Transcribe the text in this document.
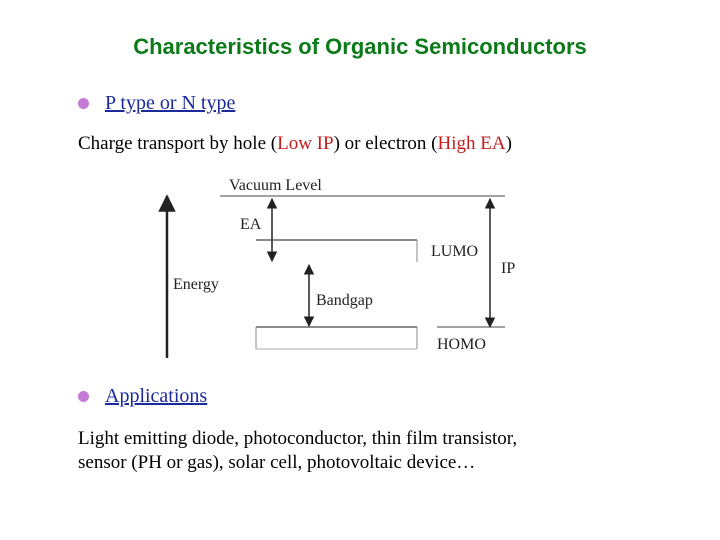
Characteristics of Organic Semiconductors
P type or N type
Charge transport by hole (Low IP) or electron (High EA)
Energy
Vacuum Level
EA
LUMO
IP
Bandgap
HOMO
Applications
Light emitting diode, photoconductor, thin film transistor,
sensor (PH or gas), solar cell, photovoltaic device…
